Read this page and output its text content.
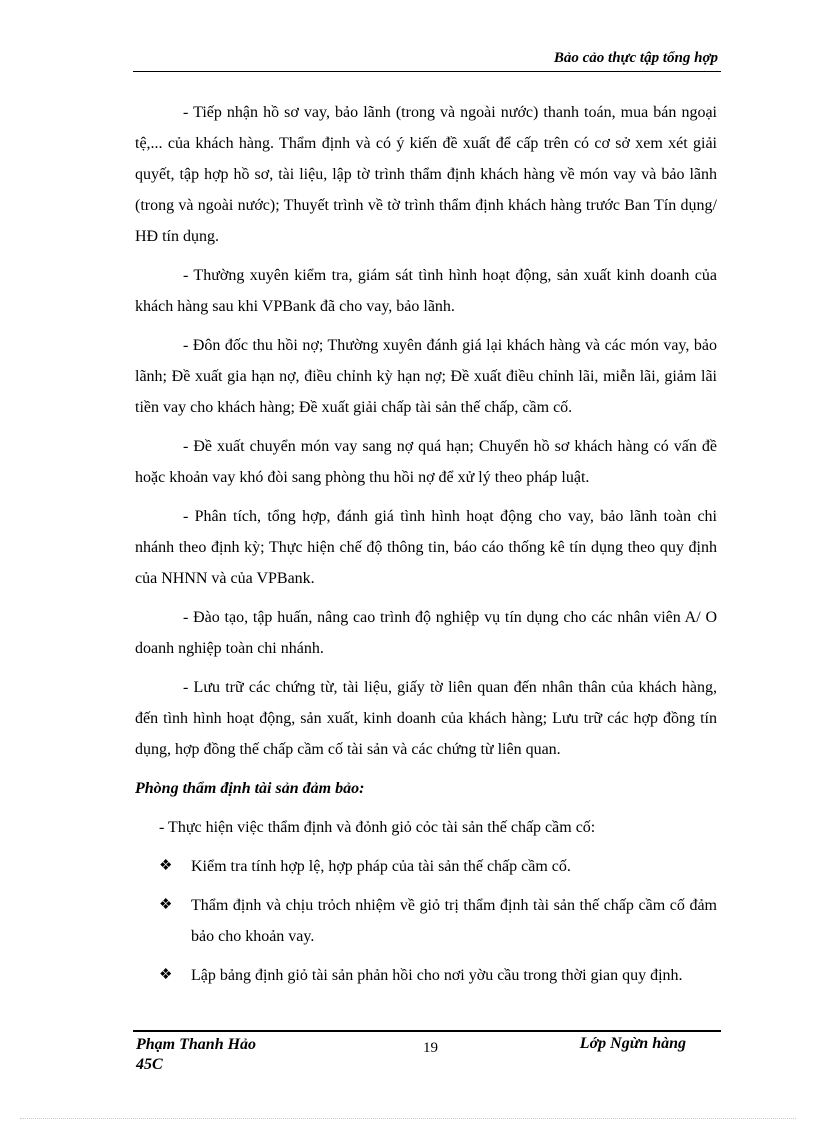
Bảo cảo thực tập tổng hợp

- Tiếp nhận hồ sơ vay, bảo lãnh (trong và ngoài nước) thanh toán, mua bán ngoại tệ,... của khách hàng. Thẩm định và có ý kiến đề xuất để cấp trên có cơ sở xem xét giải quyết, tập hợp hồ sơ, tài liệu, lập tờ trình thẩm định khách hàng về món vay và bảo lãnh (trong và ngoài nước); Thuyết trình về tờ trình thẩm định khách hàng trước Ban Tín dụng/ HĐ tín dụng.

- Thường xuyên kiểm tra, giám sát tình hình hoạt động, sản xuất kinh doanh của khách hàng sau khi VPBank đã cho vay, bảo lãnh.

- Đôn đốc thu hồi nợ; Thường xuyên đánh giá lại khách hàng và các món vay, bảo lãnh; Đề xuất gia hạn nợ, điều chỉnh kỳ hạn nợ; Đề xuất điều chỉnh lãi, miễn lãi, giảm lãi tiền vay cho khách hàng; Đề xuất giải chấp tài sản thế chấp, cầm cố.

- Đề xuất chuyển món vay sang nợ quá hạn; Chuyển hồ sơ khách hàng có vấn đề hoặc khoản vay khó đòi sang phòng thu hồi nợ để xử lý theo pháp luật.

- Phân tích, tổng hợp, đánh giá tình hình hoạt động cho vay, bảo lãnh toàn chi nhánh theo định kỳ; Thực hiện chế độ thông tin, báo cáo thống kê tín dụng theo quy định của NHNN và của VPBank.

- Đào tạo, tập huấn, nâng cao trình độ nghiệp vụ tín dụng cho các nhân viên A/ O doanh nghiệp toàn chi nhánh.

- Lưu trữ các chứng từ, tài liệu, giấy tờ liên quan đến nhân thân của khách hàng, đến tình hình hoạt động, sản xuất, kinh doanh của khách hàng; Lưu trữ các hợp đồng tín dụng, hợp đồng thế chấp cầm cố tài sản và các chứng từ liên quan.

Phòng thẩm định tài sản đảm bảo:
- Thực hiện việc thẩm định và đỏnh giỏ cỏc tài sản thế chấp cầm cố:
❖ Kiểm tra tính hợp lệ, hợp pháp của tài sản thế chấp cầm cố.
❖ Thẩm định và chịu trỏch nhiệm về giỏ trị thẩm định tài sản thế chấp cầm cố đảm bảo cho khoản vay.
❖ Lập bảng định giỏ tài sản phản hồi cho nơi yờu cầu trong thời gian quy định.
Phạm Thanh Hảo
45C
19	Lớp Ngừn hàng
